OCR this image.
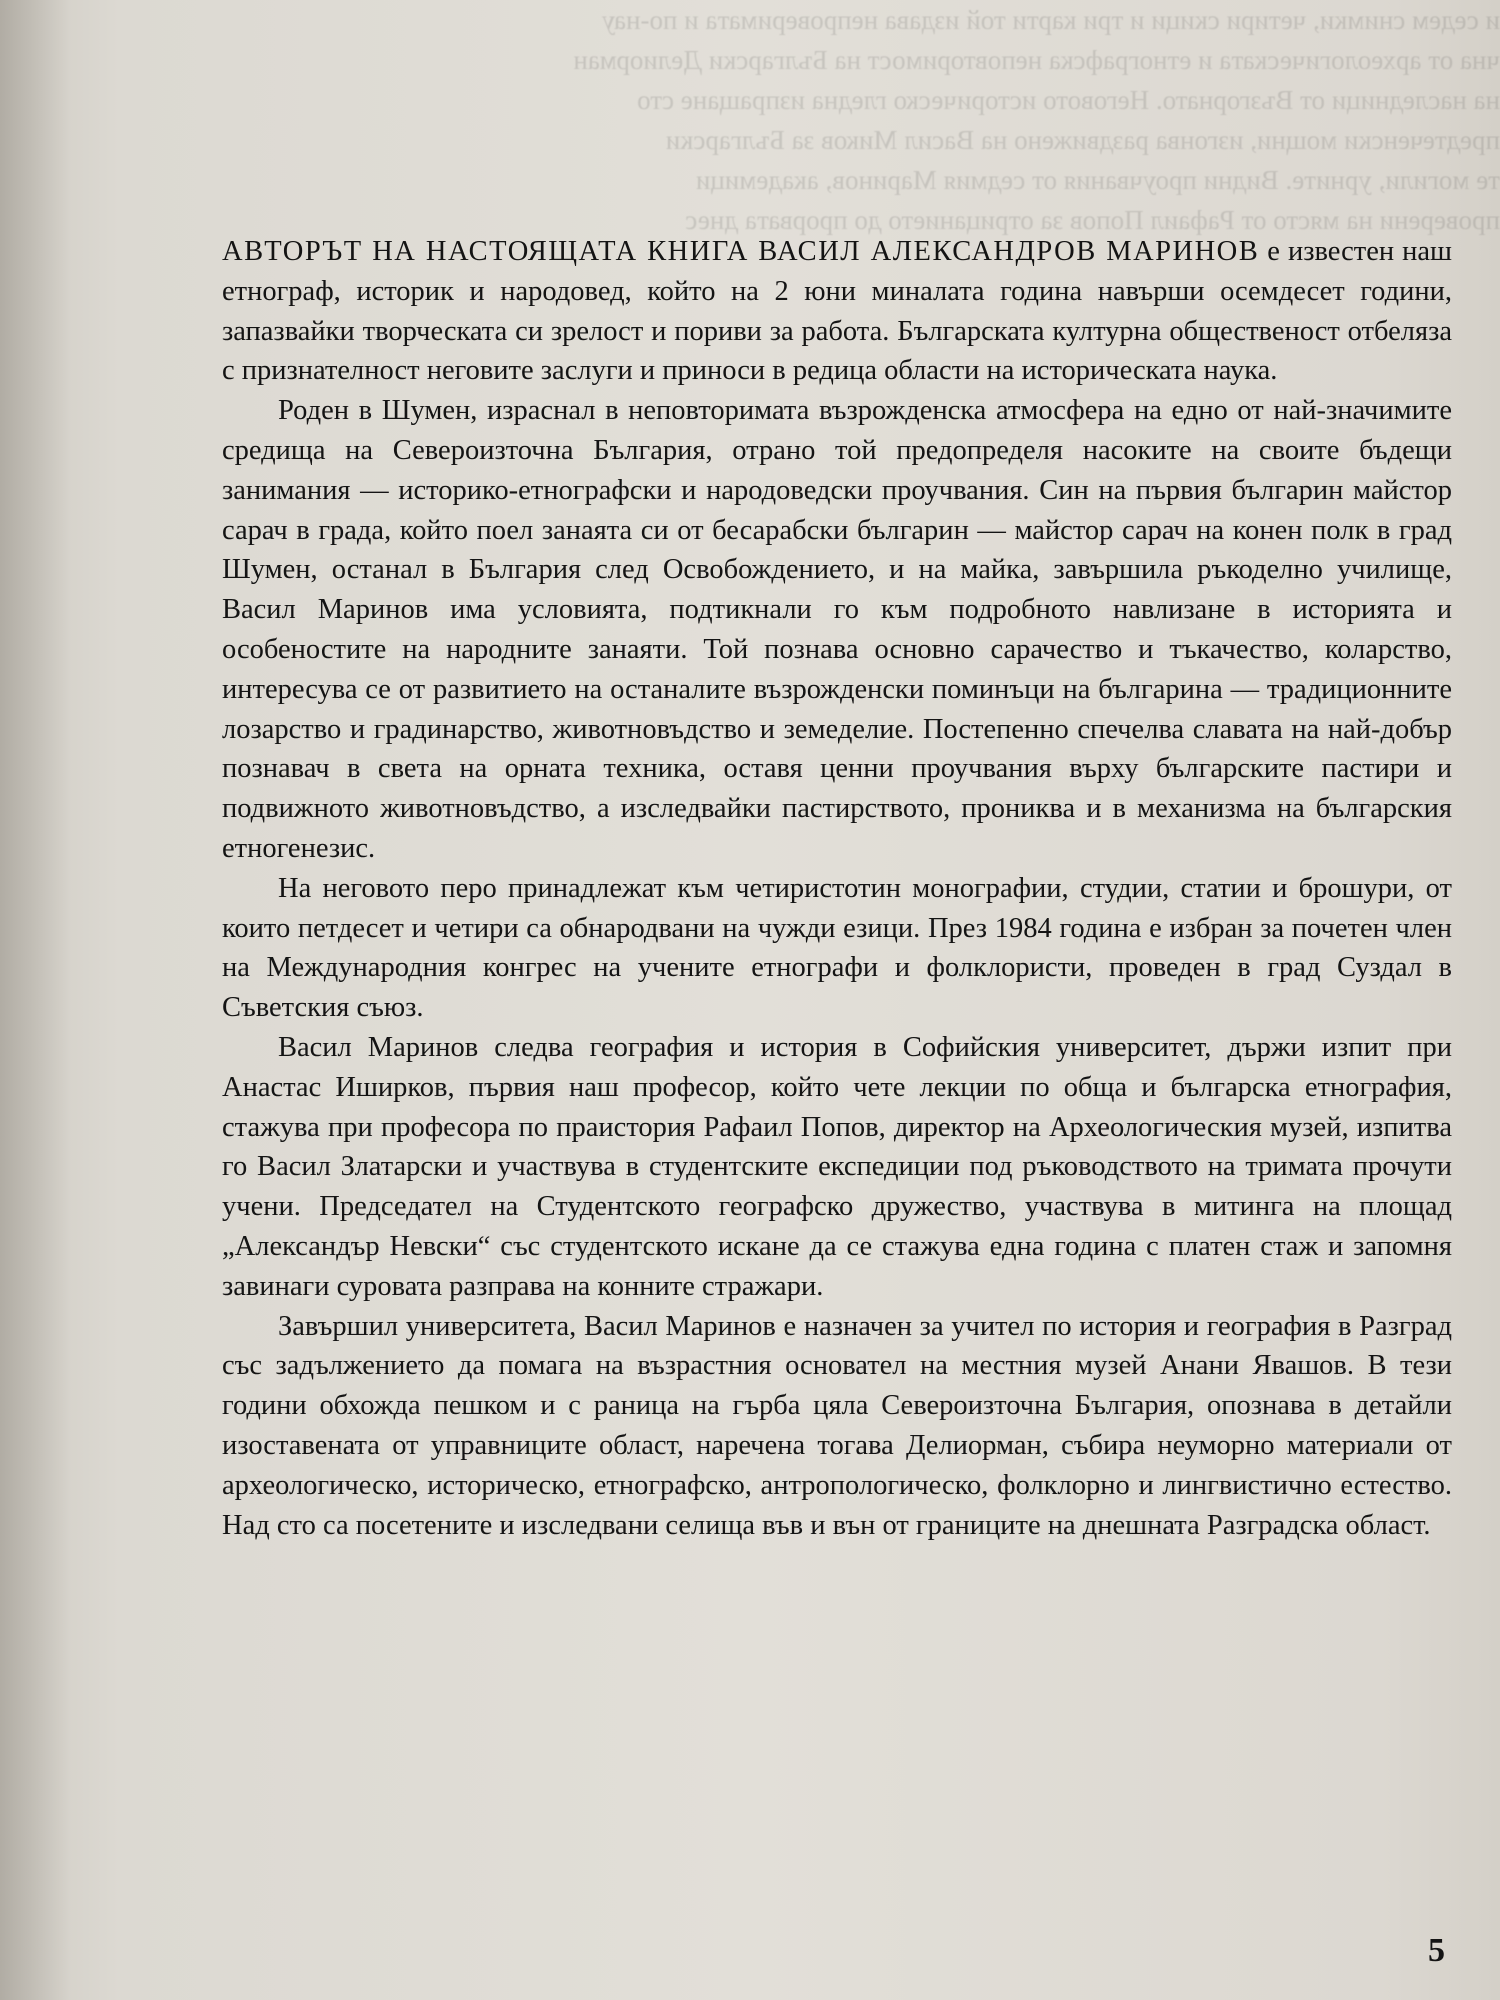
и седем снимки, четири скици и три карти той издава непроверимата и по-нау

чна от археологическата и етнографска неповторимост на Български Делиорман

на наследници от Възгорнато. Неговото историческо гледна изпращане сто

предтеченски мощни, изгонва раздвижено на Васил Миков за Български

те могили, урните. Видни проучвания от седмия Маринов, академици

проверени на място от Рафаил Попов за отрицанието до прорвата днес

АВТОРЪТ НА НАСТОЯЩАТА КНИГА ВАСИЛ АЛЕКСАНДРОВ МАРИНОВ е известен наш етнограф, историк и народовед, който на 2 юни миналата година навърши осемдесет години, запазвайки творческата си зрелост и пориви за работа. Българската културна общественост отбеляза с признателност неговите заслуги и приноси в редица области на историческата наука.

Роден в Шумен, израснал в неповторимата възрожденска атмосфера на едно от най-значимите средища на Североизточна България, отрано той предопределя насоките на своите бъдещи занимания — историко-етнографски и народоведски проучвания. Син на първия българин майстор сарач в града, който поел занаята си от бесарабски българин — майстор сарач на конен полк в град Шумен, останал в България след Освобождението, и на майка, завършила ръкоделно училище, Васил Маринов има условията, подтикнали го към подробното навлизане в историята и особеностите на народните занаяти. Той познава основно сарачество и тъкачество, коларство, интересува се от развитието на останалите възрожденски поминъци на българина — традиционните лозарство и градинарство, животновъдство и земеделие. Постепенно спечелва славата на най-добър познавач в света на орната техника, оставя ценни проучвания върху българските пастири и подвижното животновъдство, а изследвайки пастирството, прониква и в механизма на българския етногенезис.

На неговото перо принадлежат към четиристотин монографии, студии, статии и брошури, от които петдесет и четири са обнародвани на чужди езици. През 1984 година е избран за почетен член на Международния конгрес на учените етнографи и фолклористи, проведен в град Суздал в Съветския съюз.

Васил Маринов следва география и история в Софийския университет, държи изпит при Анастас Иширков, първия наш професор, който чете лекции по обща и българска етнография, стажува при професора по праистория Рафаил Попов, директор на Археологическия музей, изпитва го Васил Златарски и участвува в студентските експедиции под ръководството на тримата прочути учени. Председател на Студентското географско дружество, участвува в митинга на площад „Александър Невски“ със студентското искане да се стажува една година с платен стаж и запомня завинаги суровата разправа на конните стражари.

Завършил университета, Васил Маринов е назначен за учител по история и география в Разград със задължението да помага на възрастния основател на местния музей Анани Явашов. В тези години обхожда пешком и с раница на гърба цяла Североизточна България, опознава в детайли изоставената от управниците област, наречена тогава Делиорман, събира неуморно материали от археологическо, историческо, етнографско, антропологическо, фолклорно и лингвистично естество. Над сто са посетените и изследвани селища във и вън от границите на днешната Разградска област.

5
